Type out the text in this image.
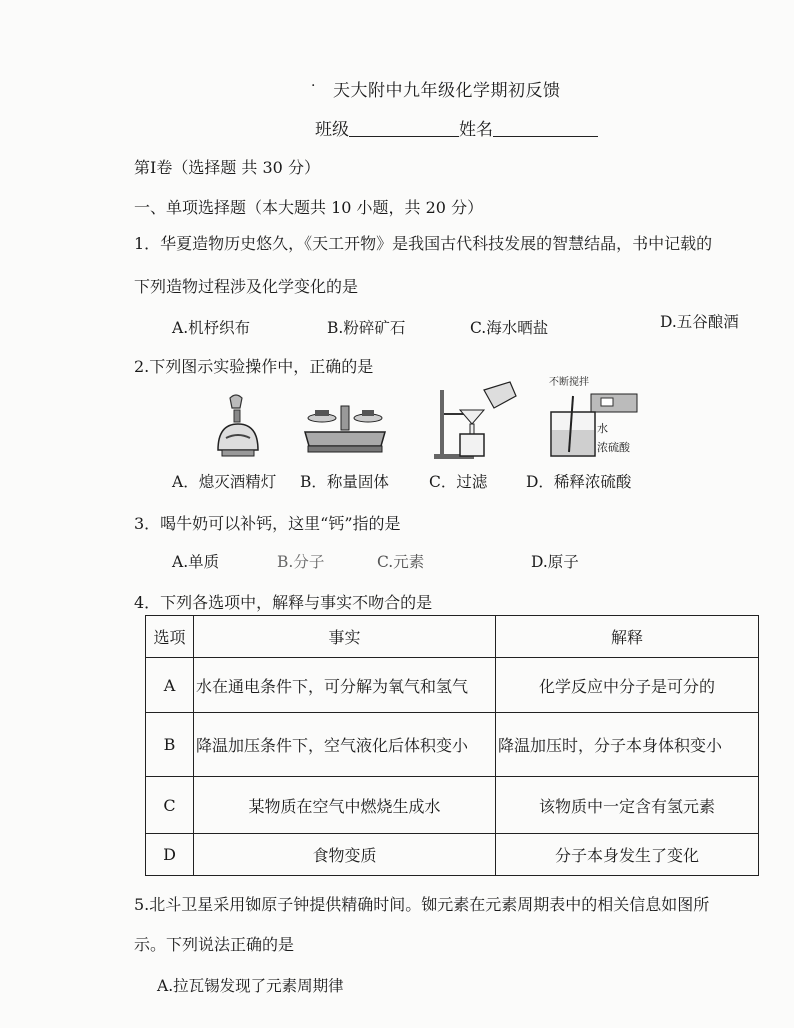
· 天大附中九年级化学期初反馈
班级	姓名
第Ⅰ卷（选择题 共 30 分）
一、单项选择题（本大题共 10 小题，共 20 分）
1．华夏造物历史悠久，《天工开物》是我国古代科技发展的智慧结晶，书中记载的
下列造物过程涉及化学变化的是
A.机杼织布	B.粉碎矿石	C.海水晒盐	D.五谷酿酒
2.下列图示实验操作中，正确的是
不断搅拌
水
浓硫酸
A．熄灭酒精灯 B．称量固体	C．过滤 D．稀释浓硫酸
3．喝牛奶可以补钙，这里“钙”指的是
A.单质	B.分子	C.元素	D.原子
4．下列各选项中，解释与事实不吻合的是
选项	事实	解释
A	水在通电条件下，可分解为氧气和氢气	化学反应中分子是可分的
B	降温加压条件下，空气液化后体积变小	降温加压时，分子本身体积变小
C	某物质在空气中燃烧生成水	该物质中一定含有氢元素
D	食物变质	分子本身发生了变化
5.北斗卫星采用铷原子钟提供精确时间。铷元素在元素周期表中的相关信息如图所
示。下列说法正确的是
A.拉瓦锡发现了元素周期律
